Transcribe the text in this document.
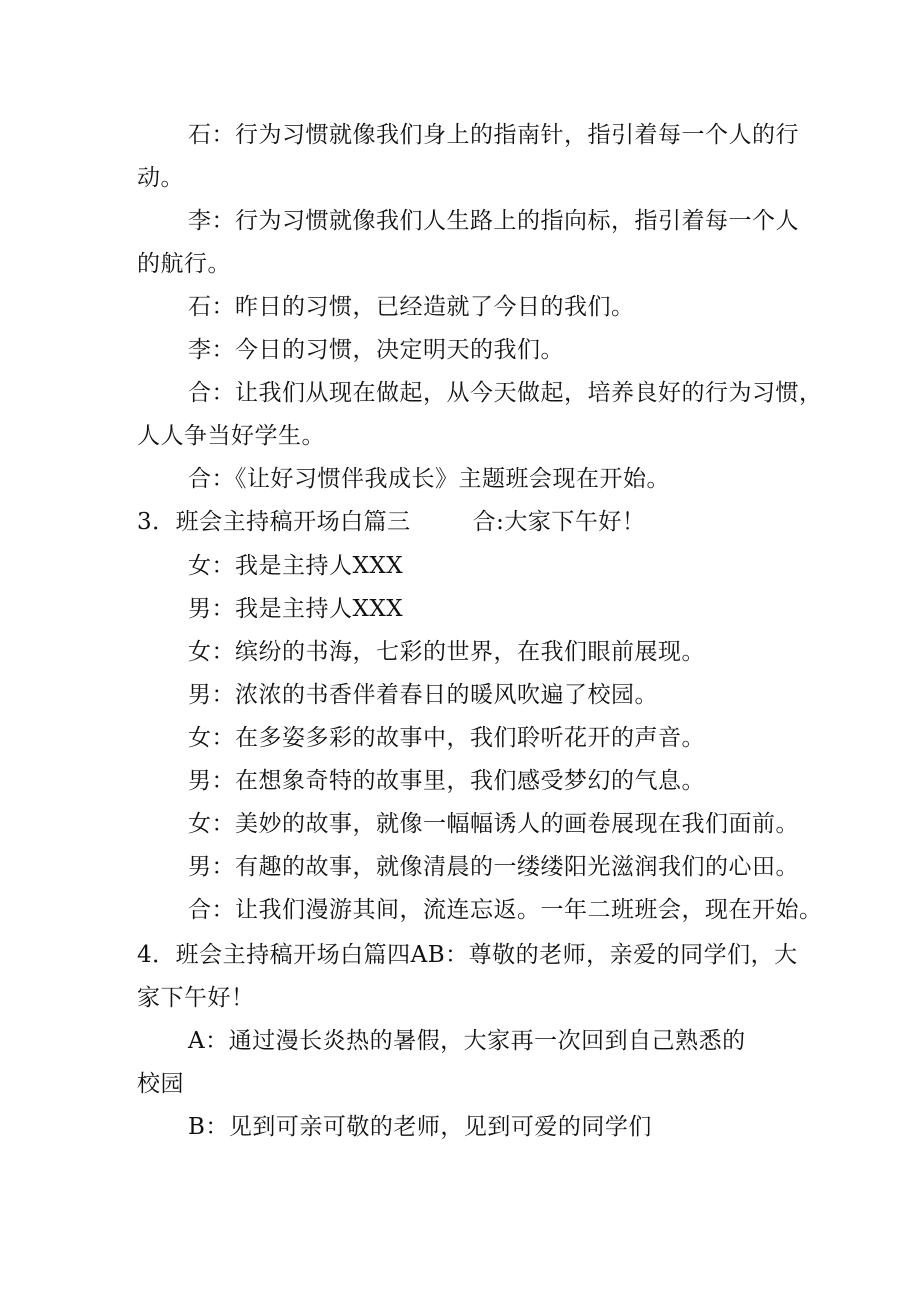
石：行为习惯就像我们身上的指南针，指引着每一个人的行
动。
李：行为习惯就像我们人生路上的指向标，指引着每一个人
的航行。
石：昨日的习惯，已经造就了今日的我们。
李：今日的习惯，决定明天的我们。
合：让我们从现在做起，从今天做起，培养良好的行为习惯，
人人争当好学生。
合：《让好习惯伴我成长》主题班会现在开始。
3．班会主持稿开场白篇三	合:大家下午好！
女：我是主持人XXX
男：我是主持人XXX
女：缤纷的书海，七彩的世界，在我们眼前展现。
男：浓浓的书香伴着春日的暖风吹遍了校园。
女：在多姿多彩的故事中，我们聆听花开的声音。
男：在想象奇特的故事里，我们感受梦幻的气息。
女：美妙的故事，就像一幅幅诱人的画卷展现在我们面前。
男：有趣的故事，就像清晨的一缕缕阳光滋润我们的心田。
合：让我们漫游其间，流连忘返。一年二班班会，现在开始。
4．班会主持稿开场白篇四AB：尊敬的老师，亲爱的同学们，大
家下午好！
A：通过漫长炎热的暑假，大家再一次回到自己熟悉的
校园
B：见到可亲可敬的老师，见到可爱的同学们
